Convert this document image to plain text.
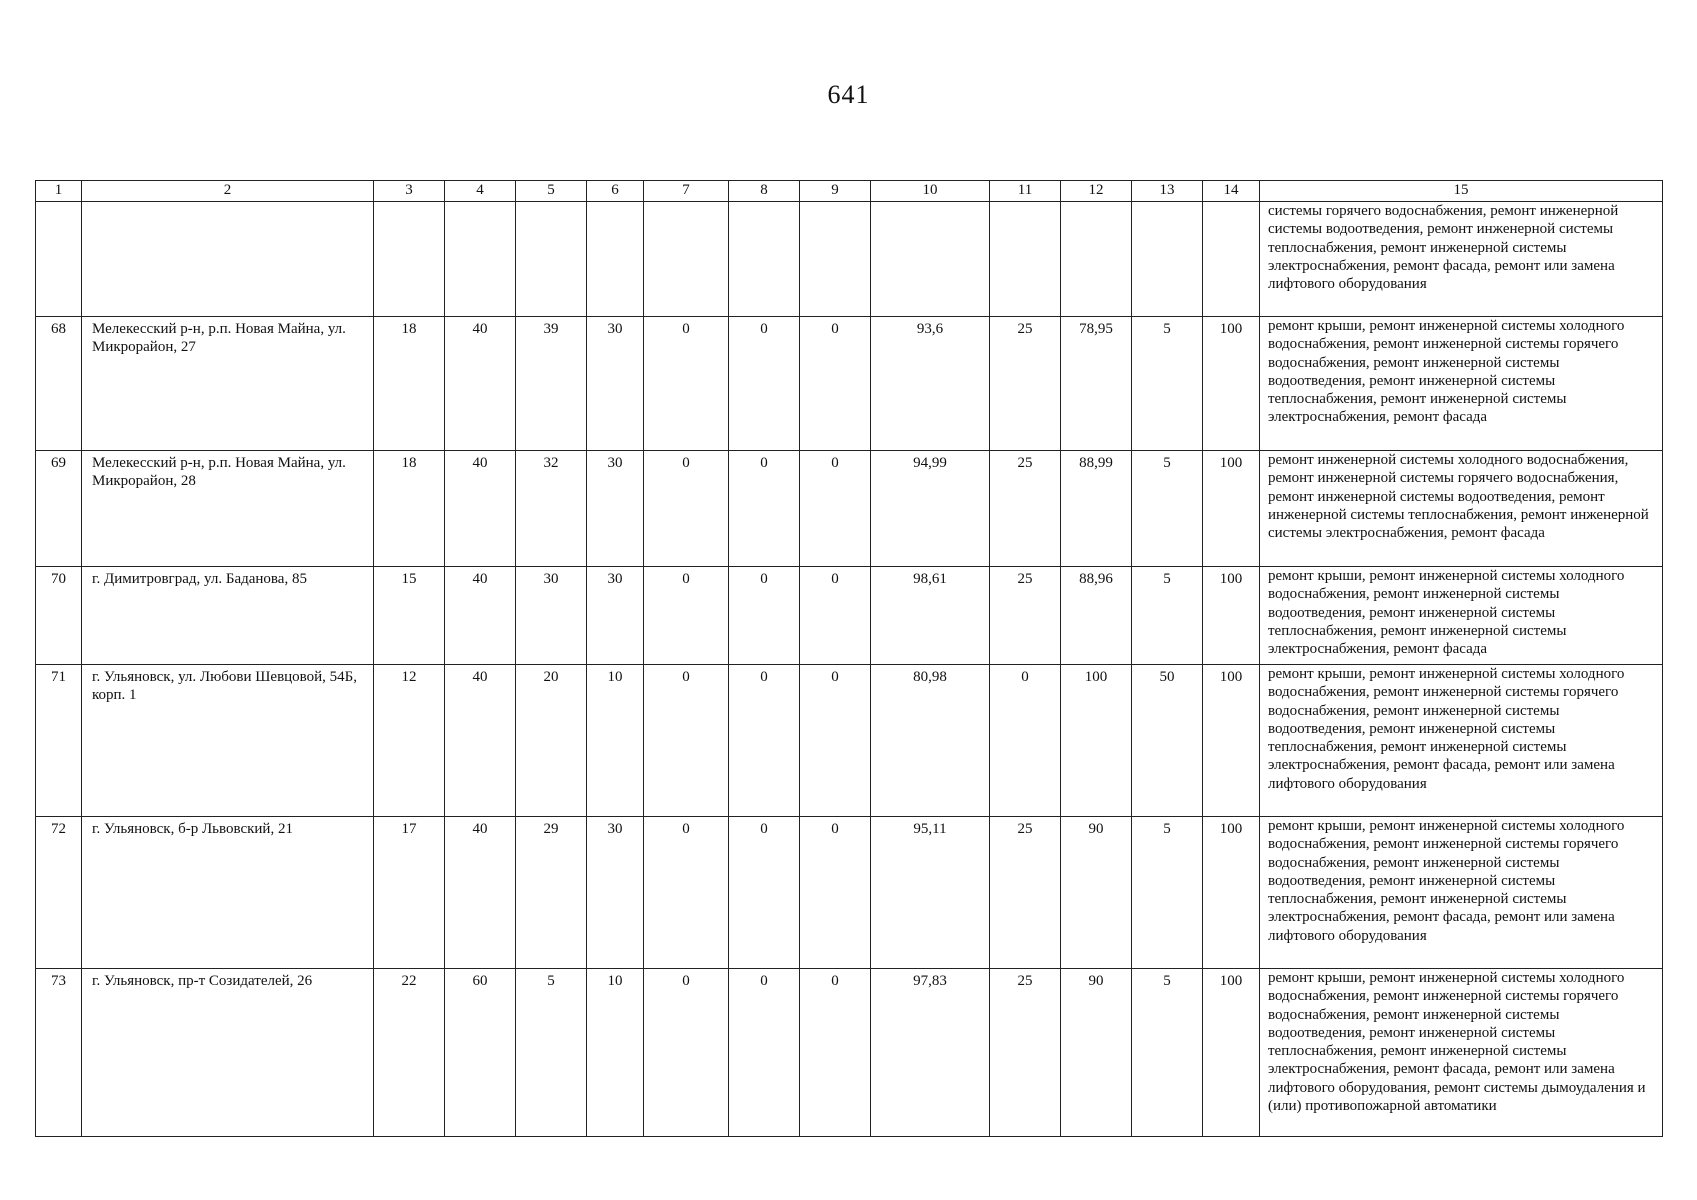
641
1	2	3	4	5	6	7	8	9	10	11	12	13	14	15
														системы горячего водоснабжения, ремонт инженерной системы водоотведения, ремонт инженерной системы теплоснабжения, ремонт инженерной системы электроснабжения, ремонт фасада, ремонт или замена лифтового оборудования
68	Мелекесский р-н, р.п. Новая Майна, ул. Микрорайон, 27	18	40	39	30	0	0	0	93,6	25	78,95	5	100	ремонт крыши, ремонт инженерной системы холодного водоснабжения, ремонт инженерной системы горячего водоснабжения, ремонт инженерной системы водоотведения, ремонт инженерной системы теплоснабжения, ремонт инженерной системы электроснабжения, ремонт фасада
69	Мелекесский р-н, р.п. Новая Майна, ул. Микрорайон, 28	18	40	32	30	0	0	0	94,99	25	88,99	5	100	ремонт инженерной системы холодного водоснабжения, ремонт инженерной системы горячего водоснабжения, ремонт инженерной системы водоотведения, ремонт инженерной системы теплоснабжения, ремонт инженерной системы электроснабжения, ремонт фасада
70	г. Димитровград, ул. Баданова, 85	15	40	30	30	0	0	0	98,61	25	88,96	5	100	ремонт крыши, ремонт инженерной системы холодного водоснабжения, ремонт инженерной системы водоотведения, ремонт инженерной системы теплоснабжения, ремонт инженерной системы электроснабжения, ремонт фасада
71	г. Ульяновск, ул. Любови Шевцовой, 54Б, корп. 1	12	40	20	10	0	0	0	80,98	0	100	50	100	ремонт крыши, ремонт инженерной системы холодного водоснабжения, ремонт инженерной системы горячего водоснабжения, ремонт инженерной системы водоотведения, ремонт инженерной системы теплоснабжения, ремонт инженерной системы электроснабжения, ремонт фасада, ремонт или замена лифтового оборудования
72	г. Ульяновск, б-р Львовский, 21	17	40	29	30	0	0	0	95,11	25	90	5	100	ремонт крыши, ремонт инженерной системы холодного водоснабжения, ремонт инженерной системы горячего водоснабжения, ремонт инженерной системы водоотведения, ремонт инженерной системы теплоснабжения, ремонт инженерной системы электроснабжения, ремонт фасада, ремонт или замена лифтового оборудования
73	г. Ульяновск, пр-т Созидателей, 26	22	60	5	10	0	0	0	97,83	25	90	5	100	ремонт крыши, ремонт инженерной системы холодного водоснабжения, ремонт инженерной системы горячего водоснабжения, ремонт инженерной системы водоотведения, ремонт инженерной системы теплоснабжения, ремонт инженерной системы электроснабжения, ремонт фасада, ремонт или замена лифтового оборудования, ремонт системы дымоудаления и (или) противопожарной автоматики
